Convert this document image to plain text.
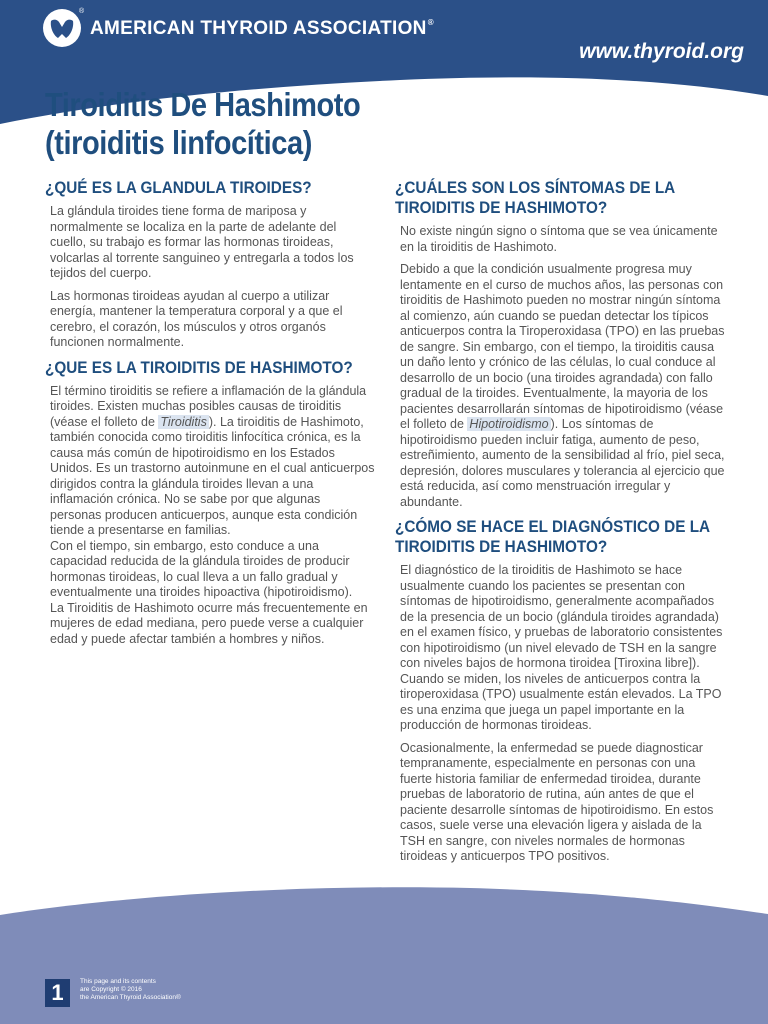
®
AMERICAN THYROID ASSOCIATION®
www.thyroid.org
Tiroiditis De Hashimoto
(tiroiditis linfocítica)
¿QUÉ ES LA GLANDULA TIROIDES?

La glándula tiroides tiene forma de mariposa y normalmente se localiza en la parte de adelante del cuello, su trabajo es formar las hormonas tiroideas, volcarlas al torrente sanguineo y entregarla a todos los tejidos del cuerpo.

Las hormonas tiroideas ayudan al cuerpo a utilizar energía, mantener la temperatura corporal y a que el cerebro, el corazón, los músculos y otros organós funcionen normalmente.

¿QUE ES LA TIROIDITIS DE HASHIMOTO?

El término tiroiditis se refiere a inflamación de la glándula tiroides. Existen muchas posibles causas de tiroiditis (véase el folleto de Tiroiditis ). La tiroiditis de Hashimoto, también conocida como tiroiditis linfocítica crónica, es la causa más común de hipotiroidismo en los Estados Unidos. Es un trastorno autoinmune en el cual anticuerpos dirigidos contra la glándula tiroides llevan a una inflamación crónica. No se sabe por que algunas personas producen anticuerpos, aunque esta condición tiende a presentarse en familias.

Con el tiempo, sin embargo, esto conduce a una capacidad reducida de la glándula tiroides de producir hormonas tiroideas, lo cual lleva a un fallo gradual y eventualmente una tiroides hipoactiva (hipotiroidismo).

La Tiroiditis de Hashimoto ocurre más frecuentemente en mujeres de edad mediana, pero puede verse a cualquier edad y puede afectar también a hombres y niños.

¿CUÁLES SON LOS SÍNTOMAS DE LA TIROIDITIS DE HASHIMOTO?

No existe ningún signo o síntoma que se vea únicamente en la tiroiditis de Hashimoto.

Debido a que la condición usualmente progresa muy lentamente en el curso de muchos años, las personas con tiroiditis de Hashimoto pueden no mostrar ningún síntoma al comienzo, aún cuando se puedan detectar los típicos anticuerpos contra la Tiroperoxidasa (TPO) en las pruebas de sangre. Sin embargo, con el tiempo, la tiroiditis causa un daño lento y crónico de las células, lo cual conduce al desarrollo de un bocio (una tiroides agrandada) con fallo gradual de la tiroides. Eventualmente, la mayoria de los pacientes desarrollarán síntomas de hipotiroidismo (véase el folleto de Hipotiroidismo ). Los síntomas de hipotiroidismo pueden incluir fatiga, aumento de peso, estreñimiento, aumento de la sensibilidad al frío, piel seca, depresión, dolores musculares y tolerancia al ejercicio que está reducida, así como menstruación irregular y abundante.

¿CÓMO SE HACE EL DIAGNÓSTICO DE LA TIROIDITIS DE HASHIMOTO?

El diagnóstico de la tiroiditis de Hashimoto se hace usualmente cuando los pacientes se presentan con síntomas de hipotiroidismo, generalmente acompañados de la presencia de un bocio (glándula tiroides agrandada) en el examen físico, y pruebas de laboratorio consistentes con hipotiroidismo (un nivel elevado de TSH en la sangre con niveles bajos de hormona tiroidea [Tiroxina libre]). Cuando se miden, los niveles de anticuerpos contra la tiroperoxidasa (TPO) usualmente están elevados. La TPO es una enzima que juega un papel importante en la producción de hormonas tiroideas.

Ocasionalmente, la enfermedad se puede diagnosticar tempranamente, especialmente en personas con una fuerte historia familiar de enfermedad tiroidea, durante pruebas de laboratorio de rutina, aún antes de que el paciente desarrolle síntomas de hipotiroidismo. En estos casos, suele verse una elevación ligera y aislada de la TSH en sangre, con niveles normales de hormonas tiroideas y anticuerpos TPO positivos.

1	This page and its contents
are Copyright © 2016
the American Thyroid Association®
